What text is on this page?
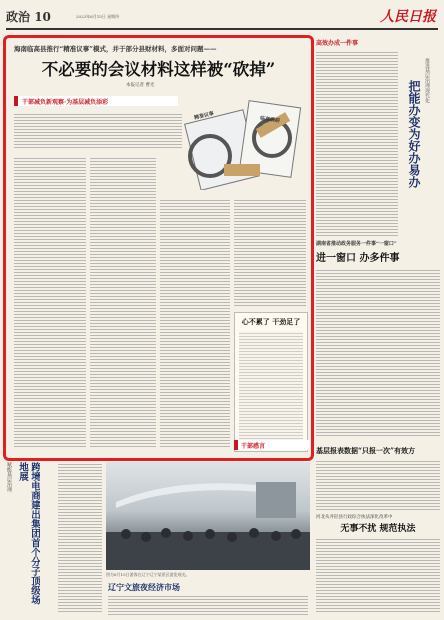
政治 10	2023年6月15日 星期四	人民日报
海南临高县推行“精准议事”模式，并于部分县财材料，多面对问题——
不必要的会议材料这样被“砍掉”
本报记者 曹光
干部减负新观察·为基层减负添彩
精准议事	临高调研
心不累了 干劲足了
干部感言
高效办成一件事
把能办变为好办易办 推进基层治理现代化
湖南省推动政务服务一件事“一窗口”
进一窗口 办多件事
基层报表数据“只报一次”有效方
河北从井陉县行政综合执法深化改革中
无事不扰 规范执法
赋能基层治理	跨境电商建出集团首个分子顶级场地展
图为6月15日游客在辽宁辽宁某景区游览观光。
辽宁文旅夜经济市场
